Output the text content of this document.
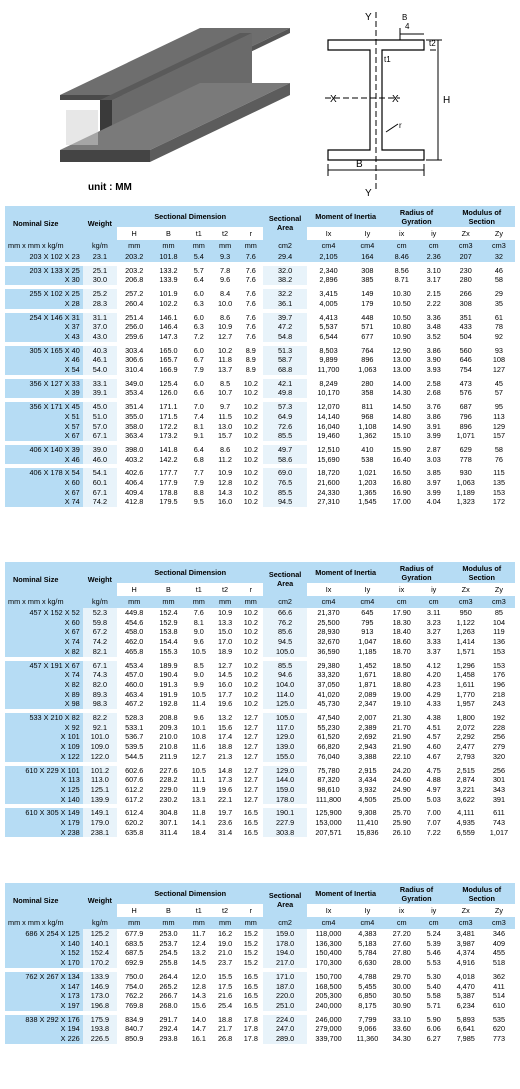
Y
Y
X	X	H
B
t1
t2
r
B
4
unit : MM
Nominal Size	Weight	Sectional Dimension					Sectional Area	Moment of Inertia		Radius of Gyration		Modulus of Section	
		H	B	t1	t2	r		Ix	Iy	ix	iy	Zx	Zy
mm x mm x kg/m	kg/m	mm	mm	mm	mm	mm	cm2	cm4	cm4	cm	cm	cm3	cm3
203 X 102 X 23	23.1	203.2	101.8	5.4	9.3	7.6	29.4	2,105	164	8.46	2.36	207	32

203 X 133 X 25	25.1	203.2	133.2	5.7	7.8	7.6	32.0	2,340	308	8.56	3.10	230	46
X 30	30.0	206.8	133.9	6.4	9.6	7.6	38.2	2,896	385	8.71	3.17	280	58

255 X 102 X 25	25.2	257.2	101.9	6.0	8.4	7.6	32.2	3,415	149	10.30	2.15	266	29
X 28	28.3	260.4	102.2	6.3	10.0	7.6	36.1	4,005	179	10.50	2.22	308	35

254 X 146 X 31	31.1	251.4	146.1	6.0	8.6	7.6	39.7	4,413	448	10.50	3.36	351	61
X 37	37.0	256.0	146.4	6.3	10.9	7.6	47.2	5,537	571	10.80	3.48	433	78
X 43	43.0	259.6	147.3	7.2	12.7	7.6	54.8	6,544	677	10.90	3.52	504	92

305 X 165 X 40	40.3	303.4	165.0	6.0	10.2	8.9	51.3	8,503	764	12.90	3.86	560	93
X 46	46.1	306.6	165.7	6.7	11.8	8.9	58.7	9,899	896	13.00	3.90	646	108
X 54	54.0	310.4	166.9	7.9	13.7	8.9	68.8	11,700	1,063	13.00	3.93	754	127

356 X 127 X 33	33.1	349.0	125.4	6.0	8.5	10.2	42.1	8,249	280	14.00	2.58	473	45
X 39	39.1	353.4	126.0	6.6	10.7	10.2	49.8	10,170	358	14.30	2.68	576	57

356 X 171 X 45	45.0	351.4	171.1	7.0	9.7	10.2	57.3	12,070	811	14.50	3.76	687	95
X 51	51.0	355.0	171.5	7.4	11.5	10.2	64.9	14,140	968	14.80	3.86	796	113
X 57	57.0	358.0	172.2	8.1	13.0	10.2	72.6	16,040	1,108	14.90	3.91	896	129
X 67	67.1	363.4	173.2	9.1	15.7	10.2	85.5	19,460	1,362	15.10	3.99	1,071	157

406 X 140 X 39	39.0	398.0	141.8	6.4	8.6	10.2	49.7	12,510	410	15.90	2.87	629	58
X 46	46.0	403.2	142.2	6.8	11.2	10.2	58.6	15,690	538	16.40	3.03	778	76

406 X 178 X 54	54.1	402.6	177.7	7.7	10.9	10.2	69.0	18,720	1,021	16.50	3.85	930	115
X 60	60.1	406.4	177.9	7.9	12.8	10.2	76.5	21,600	1,203	16.80	3.97	1,063	135
X 67	67.1	409.4	178.8	8.8	14.3	10.2	85.5	24,330	1,365	16.90	3.99	1,189	153
X 74	74.2	412.8	179.5	9.5	16.0	10.2	94.5	27,310	1,545	17.00	4.04	1,323	172
Nominal Size	Weight	Sectional Dimension					Sectional Area	Moment of Inertia		Radius of Gyration		Modulus of Section	
		H	B	t1	t2	r		Ix	Iy	ix	iy	Zx	Zy
mm x mm x kg/m	kg/m	mm	mm	mm	mm	mm	cm2	cm4	cm4	cm	cm	cm3	cm3
457 X 152 X 52	52.3	449.8	152.4	7.6	10.9	10.2	66.6	21,370	645	17.90	3.11	950	85
X 60	59.8	454.6	152.9	8.1	13.3	10.2	76.2	25,500	795	18.30	3.23	1,122	104
X 67	67.2	458.0	153.8	9.0	15.0	10.2	85.6	28,930	913	18.40	3.27	1,263	119
X 74	74.2	462.0	154.4	9.6	17.0	10.2	94.5	32,670	1,047	18.60	3.33	1,414	136
X 82	82.1	465.8	155.3	10.5	18.9	10.2	105.0	36,590	1,185	18.70	3.37	1,571	153

457 X 191 X 67	67.1	453.4	189.9	8.5	12.7	10.2	85.5	29,380	1,452	18.50	4.12	1,296	153
X 74	74.3	457.0	190.4	9.0	14.5	10.2	94.6	33,320	1,671	18.80	4.20	1,458	176
X 82	82.0	460.0	191.3	9.9	16.0	10.2	104.0	37,050	1,871	18.80	4.23	1,611	196
X 89	89.3	463.4	191.9	10.5	17.7	10.2	114.0	41,020	2,089	19.00	4.29	1,770	218
X 98	98.3	467.2	192.8	11.4	19.6	10.2	125.0	45,730	2,347	19.10	4.33	1,957	243

533 X 210 X 82	82.2	528.3	208.8	9.6	13.2	12.7	105.0	47,540	2,007	21.30	4.38	1,800	192
X 92	92.1	533.1	209.3	10.1	15.6	12.7	117.0	55,230	2,389	21.70	4.51	2,072	228
X 101	101.0	536.7	210.0	10.8	17.4	12.7	129.0	61,520	2,692	21.90	4.57	2,292	256
X 109	109.0	539.5	210.8	11.6	18.8	12.7	139.0	66,820	2,943	21.90	4.60	2,477	279
X 122	122.0	544.5	211.9	12.7	21.3	12.7	155.0	76,040	3,388	22.10	4.67	2,793	320

610 X 229 X 101	101.2	602.6	227.6	10.5	14.8	12.7	129.0	75,780	2,915	24.20	4.75	2,515	256
X 113	113.0	607.6	228.2	11.1	17.3	12.7	144.0	87,320	3,434	24.60	4.88	2,874	301
X 125	125.1	612.2	229.0	11.9	19.6	12.7	159.0	98,610	3,932	24.90	4.97	3,221	343
X 140	139.9	617.2	230.2	13.1	22.1	12.7	178.0	111,800	4,505	25.00	5.03	3,622	391

610 X 305 X 149	149.1	612.4	304.8	11.8	19.7	16.5	190.1	125,900	9,308	25.70	7.00	4,111	611
X 179	179.0	620.2	307.1	14.1	23.6	16.5	227.9	153,000	11,410	25.90	7.07	4,935	743
X 238	238.1	635.8	311.4	18.4	31.4	16.5	303.8	207,571	15,836	26.10	7.22	6,559	1,017
Nominal Size	Weight	Sectional Dimension					Sectional Area	Moment of Inertia		Radius of Gyration		Modulus of Section	
		H	B	t1	t2	r		Ix	Iy	ix	iy	Zx	Zy
mm x mm x kg/m	kg/m	mm	mm	mm	mm	mm	cm2	cm4	cm4	cm	cm	cm3	cm3
686 X 254 X 125	125.2	677.9	253.0	11.7	16.2	15.2	159.0	118,000	4,383	27.20	5.24	3,481	346
X 140	140.1	683.5	253.7	12.4	19.0	15.2	178.0	136,300	5,183	27.60	5.39	3,987	409
X 152	152.4	687.5	254.5	13.2	21.0	15.2	194.0	150,400	5,784	27.80	5.46	4,374	455
X 170	170.2	692.9	255.8	14.5	23.7	15.2	217.0	170,300	6,630	28.00	5.53	4,916	518

762 X 267 X 134	133.9	750.0	264.4	12.0	15.5	16.5	171.0	150,700	4,788	29.70	5.30	4,018	362
X 147	146.9	754.0	265.2	12.8	17.5	16.5	187.0	168,500	5,455	30.00	5.40	4,470	411
X 173	173.0	762.2	266.7	14.3	21.6	16.5	220.0	205,300	6,850	30.50	5.58	5,387	514
X 197	196.8	769.8	268.0	15.6	25.4	16.5	251.0	240,000	8,175	30.90	5.71	6,234	610

838 X 292 X 176	175.9	834.9	291.7	14.0	18.8	17.8	224.0	246,000	7,799	33.10	5.90	5,893	535
X 194	193.8	840.7	292.4	14.7	21.7	17.8	247.0	279,000	9,066	33.60	6.06	6,641	620
X 226	226.5	850.9	293.8	16.1	26.8	17.8	289.0	339,700	11,360	34.30	6.27	7,985	773
